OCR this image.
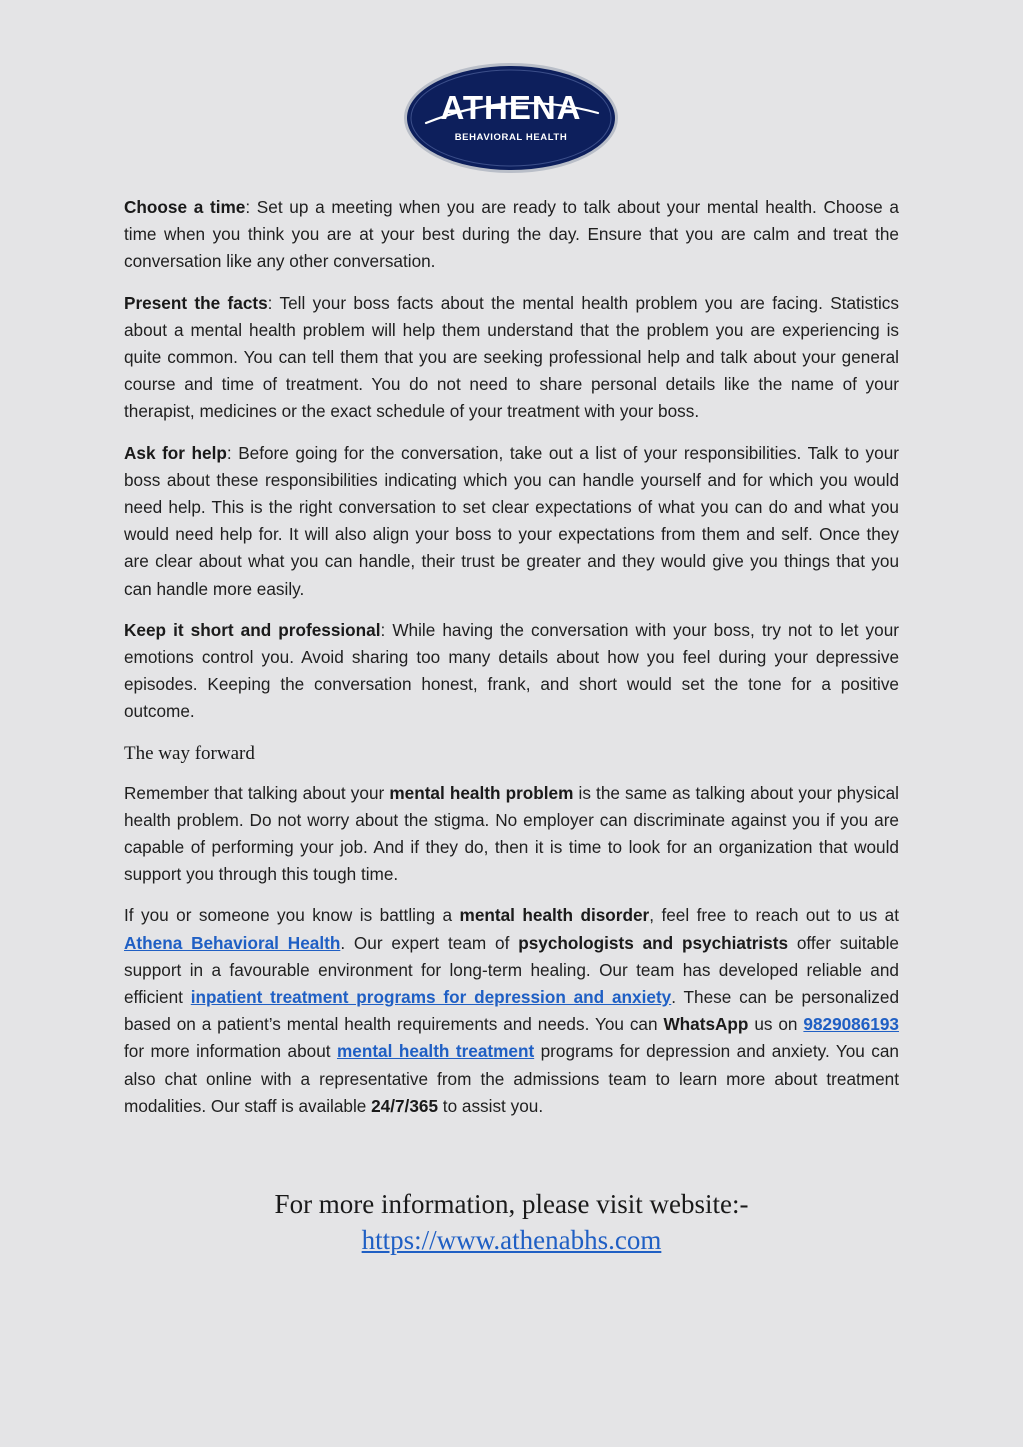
ATHENA
BEHAVIORAL HEALTH

Choose a time: Set up a meeting when you are ready to talk about your mental health. Choose a time when you think you are at your best during the day. Ensure that you are calm and treat the conversation like any other conversation.

Present the facts: Tell your boss facts about the mental health problem you are facing. Statistics about a mental health problem will help them understand that the problem you are experiencing is quite common. You can tell them that you are seeking professional help and talk about your general course and time of treatment. You do not need to share personal details like the name of your therapist, medicines or the exact schedule of your treatment with your boss.

Ask for help: Before going for the conversation, take out a list of your responsibilities. Talk to your boss about these responsibilities indicating which you can handle yourself and for which you would need help. This is the right conversation to set clear expectations of what you can do and what you would need help for. It will also align your boss to your expectations from them and self. Once they are clear about what you can handle, their trust be greater and they would give you things that you can handle more easily.

Keep it short and professional: While having the conversation with your boss, try not to let your emotions control you. Avoid sharing too many details about how you feel during your depressive episodes. Keeping the conversation honest, frank, and short would set the tone for a positive outcome.

The way forward

Remember that talking about your mental health problem is the same as talking about your physical health problem. Do not worry about the stigma. No employer can discriminate against you if you are capable of performing your job. And if they do, then it is time to look for an organization that would support you through this tough time.

If you or someone you know is battling a mental health disorder, feel free to reach out to us at Athena Behavioral Health. Our expert team of psychologists and psychiatrists offer suitable support in a favourable environment for long-term healing. Our team has developed reliable and efficient inpatient treatment programs for depression and anxiety. These can be personalized based on a patient’s mental health requirements and needs. You can WhatsApp us on 9829086193 for more information about mental health treatment programs for depression and anxiety. You can also chat online with a representative from the admissions team to learn more about treatment modalities. Our staff is available 24/7/365 to assist you.

For more information, please visit website:-
https://www.athenabhs.com
